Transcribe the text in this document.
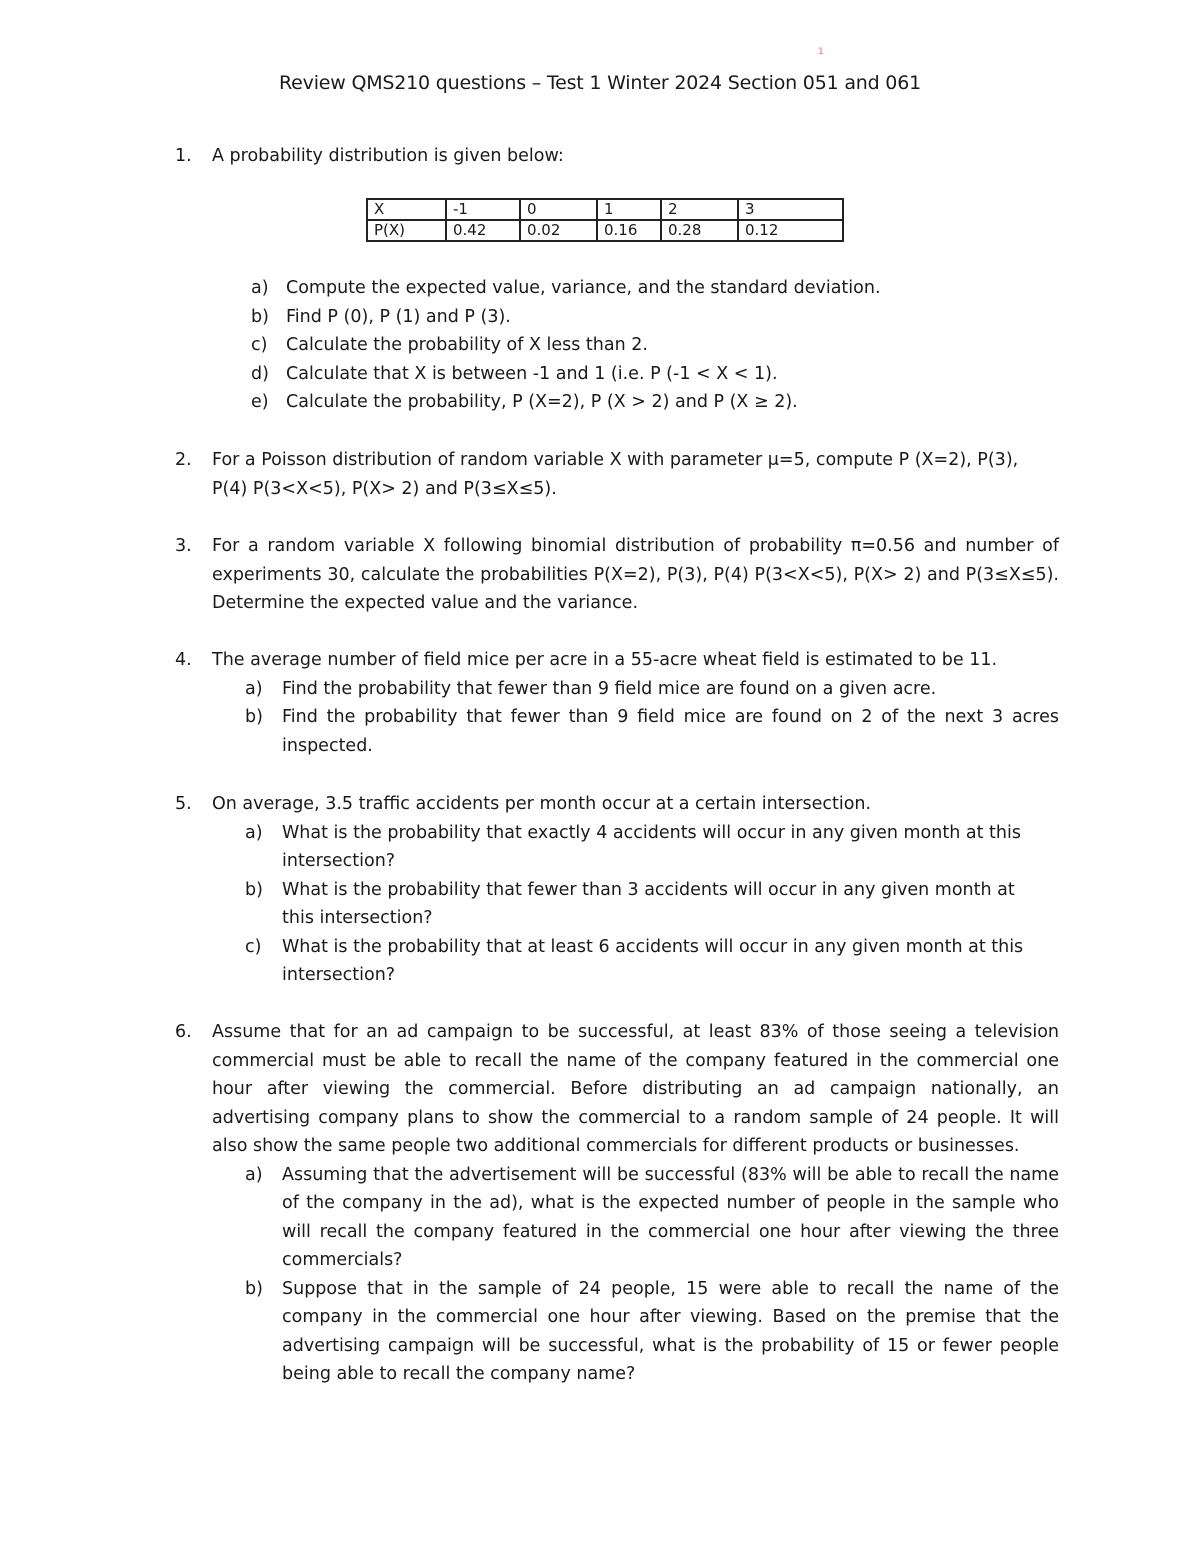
1
Review QMS210 questions – Test 1 Winter 2024 Section 051 and 061
1. A probability distribution is given below:
X	-1	0	1	2	3
P(X)	0.42	0.02	0.16	0.28	0.12
a) Compute the expected value, variance, and the standard deviation.
b) Find P (0), P (1) and P (3).
c) Calculate the probability of X less than 2.
d) Calculate that X is between -1 and 1 (i.e. P (-1 < X < 1).
e) Calculate the probability, P (X=2), P (X > 2) and P (X ≥ 2).
2. For a Poisson distribution of random variable X with parameter μ=5, compute P (X=2), P(3), P(4) P(3<X<5), P(X> 2) and P(3≤X≤5).
3. For a random variable X following binomial distribution of probability π=0.56 and number of experiments 30, calculate the probabilities P(X=2), P(3), P(4) P(3<X<5), P(X> 2) and P(3≤X≤5). Determine the expected value and the variance.
4. The average number of field mice per acre in a 55-acre wheat field is estimated to be 11.
a) Find the probability that fewer than 9 field mice are found on a given acre.
b) Find the probability that fewer than 9 field mice are found on 2 of the next 3 acres inspected.
5. On average, 3.5 traffic accidents per month occur at a certain intersection.
a) What is the probability that exactly 4 accidents will occur in any given month at this intersection?
b) What is the probability that fewer than 3 accidents will occur in any given month at this intersection?
c) What is the probability that at least 6 accidents will occur in any given month at this intersection?
6. Assume that for an ad campaign to be successful, at least 83% of those seeing a television commercial must be able to recall the name of the company featured in the commercial one hour after viewing the commercial. Before distributing an ad campaign nationally, an advertising company plans to show the commercial to a random sample of 24 people. It will also show the same people two additional commercials for different products or businesses.
a) Assuming that the advertisement will be successful (83% will be able to recall the name of the company in the ad), what is the expected number of people in the sample who will recall the company featured in the commercial one hour after viewing the three commercials?
b) Suppose that in the sample of 24 people, 15 were able to recall the name of the company in the commercial one hour after viewing. Based on the premise that the advertising campaign will be successful, what is the probability of 15 or fewer people being able to recall the company name?
